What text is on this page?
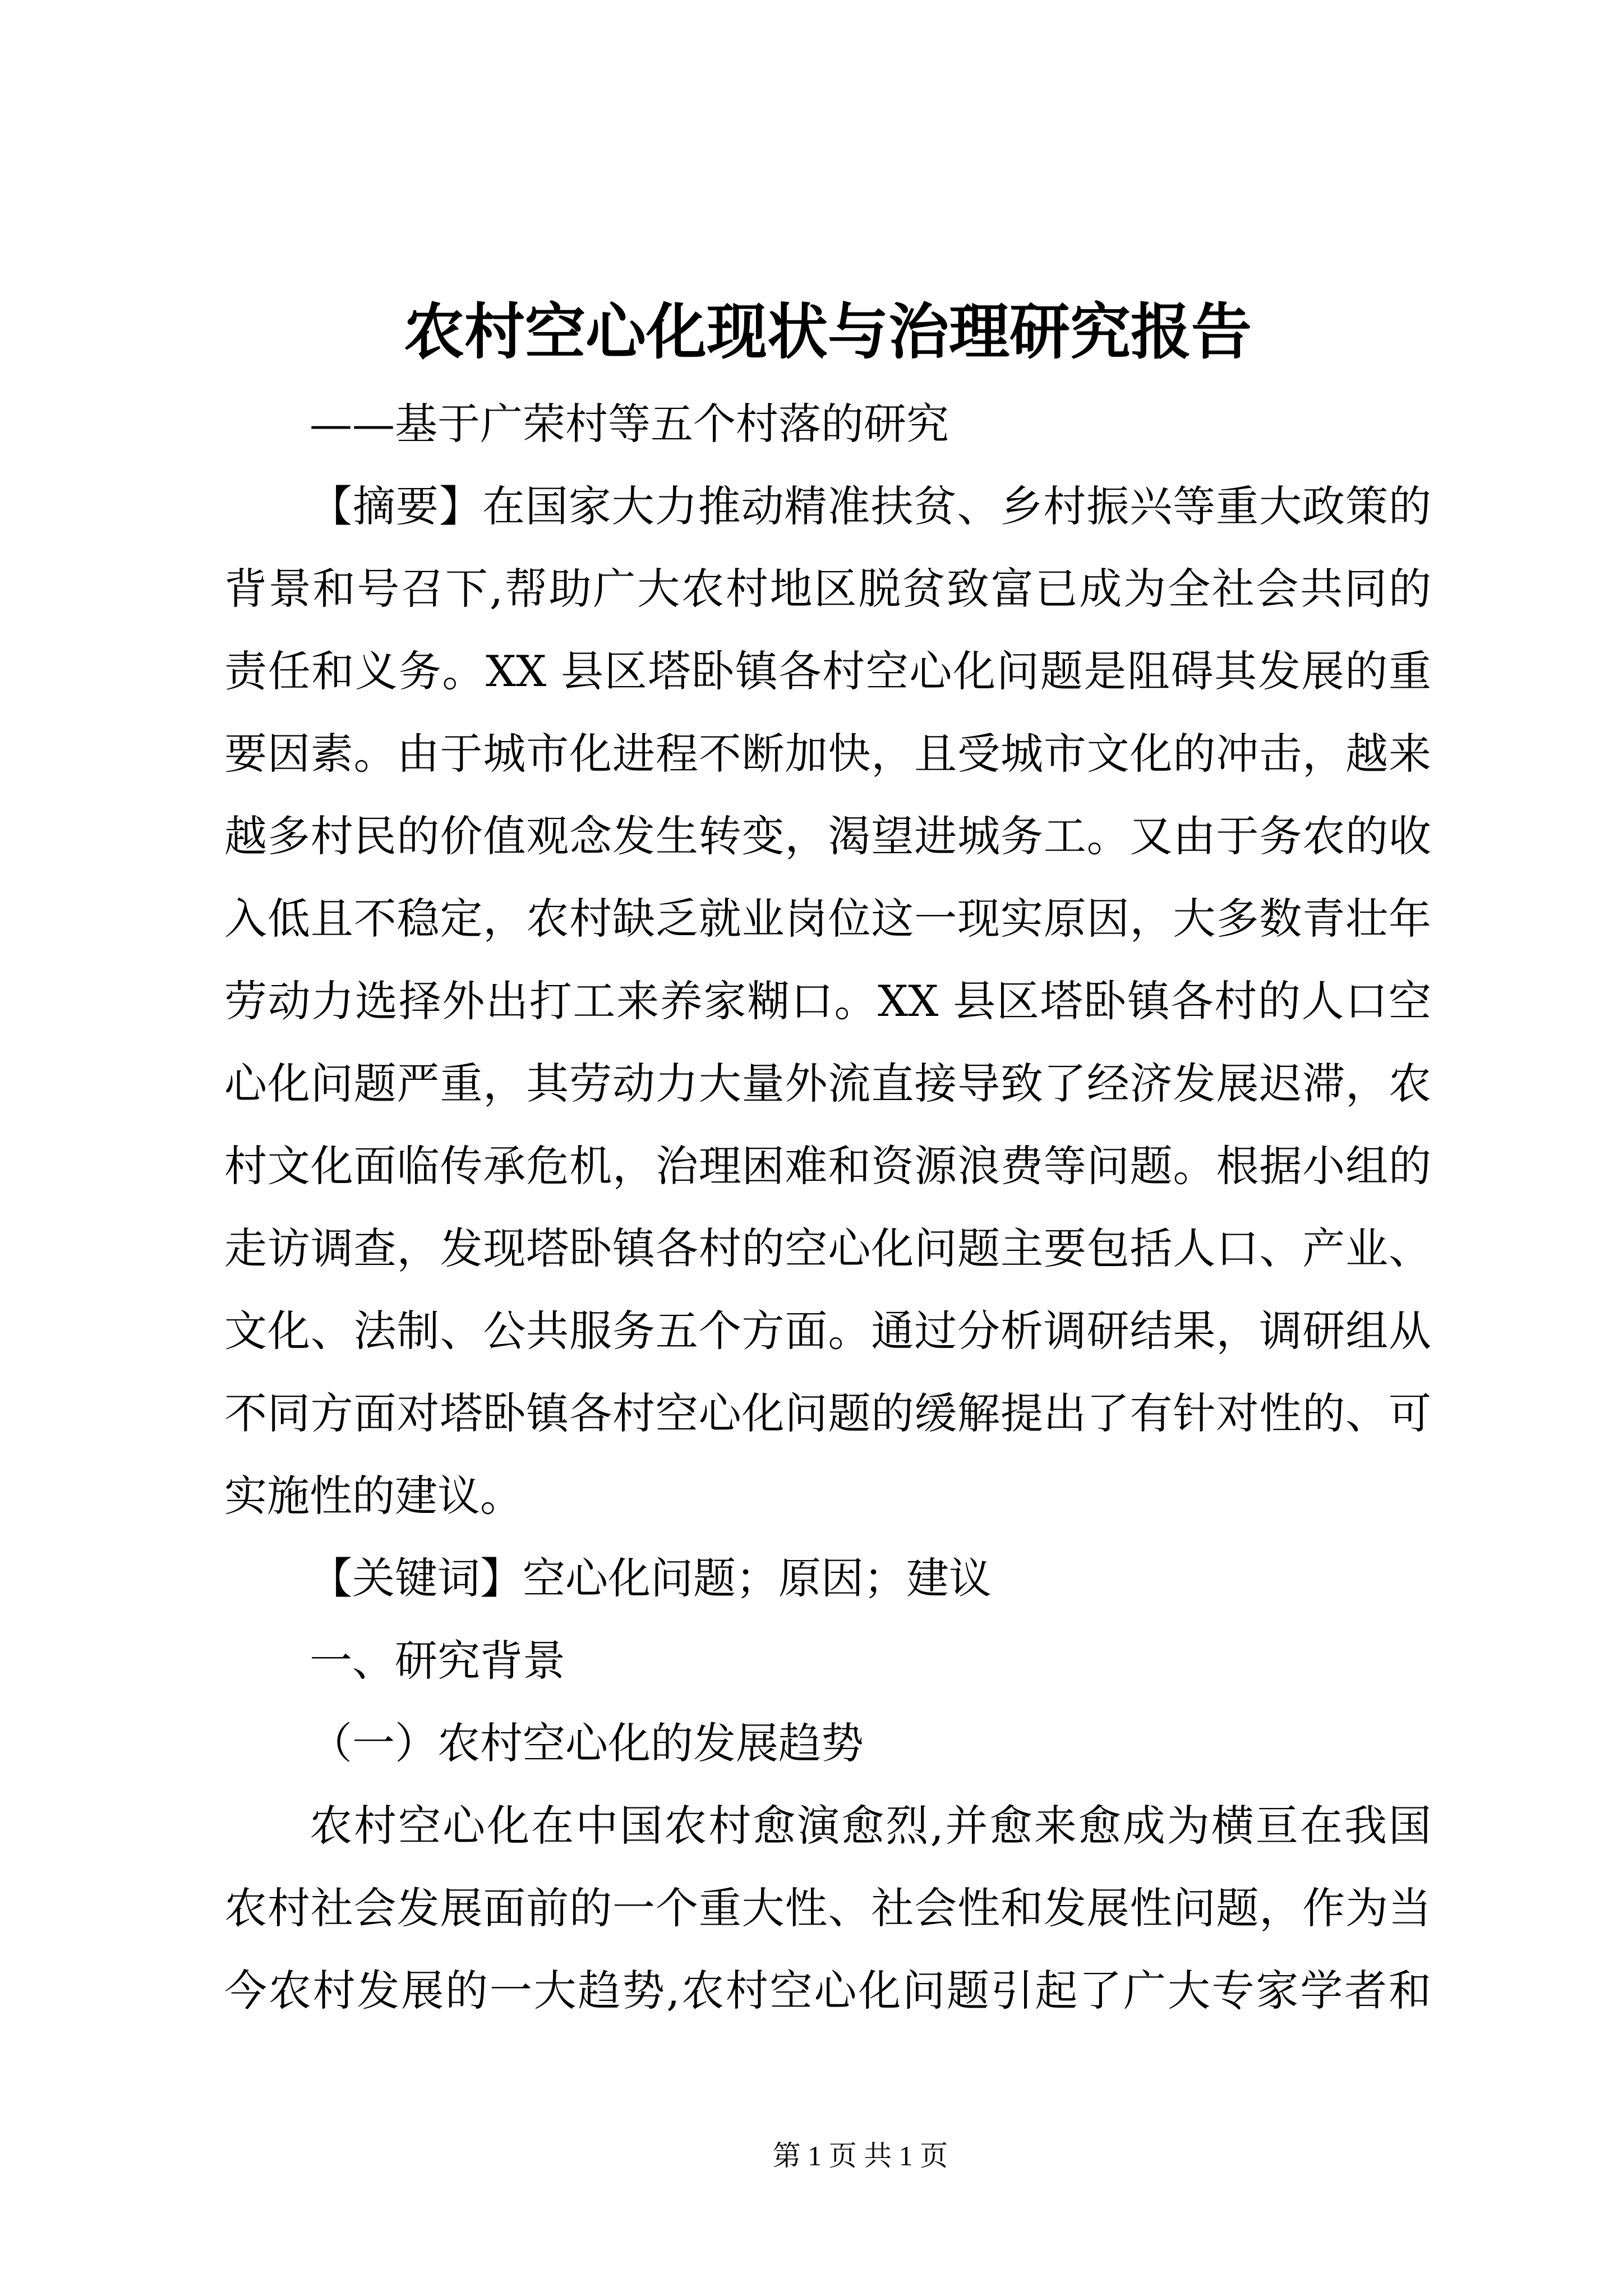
农村空心化现状与治理研究报告
——基于广荣村等五个村落的研究
【摘要】在国家大力推动精准扶贫、乡村振兴等重大政策的
背景和号召下,帮助广大农村地区脱贫致富已成为全社会共同的
责任和义务。XX 县区塔卧镇各村空心化问题是阻碍其发展的重
要因素。由于城市化进程不断加快，且受城市文化的冲击，越来
越多村民的价值观念发生转变，渴望进城务工。又由于务农的收
入低且不稳定，农村缺乏就业岗位这一现实原因，大多数青壮年
劳动力选择外出打工来养家糊口。XX 县区塔卧镇各村的人口空
心化问题严重，其劳动力大量外流直接导致了经济发展迟滞，农
村文化面临传承危机，治理困难和资源浪费等问题。根据小组的
走访调查，发现塔卧镇各村的空心化问题主要包括人口、产业、
文化、法制、公共服务五个方面。通过分析调研结果，调研组从
不同方面对塔卧镇各村空心化问题的缓解提出了有针对性的、可
实施性的建议。
【关键词】空心化问题；原因；建议
一、研究背景
（一）农村空心化的发展趋势
农村空心化在中国农村愈演愈烈,并愈来愈成为横亘在我国
农村社会发展面前的一个重大性、社会性和发展性问题，作为当
今农村发展的一大趋势,农村空心化问题引起了广大专家学者和
第 1 页 共 1 页
